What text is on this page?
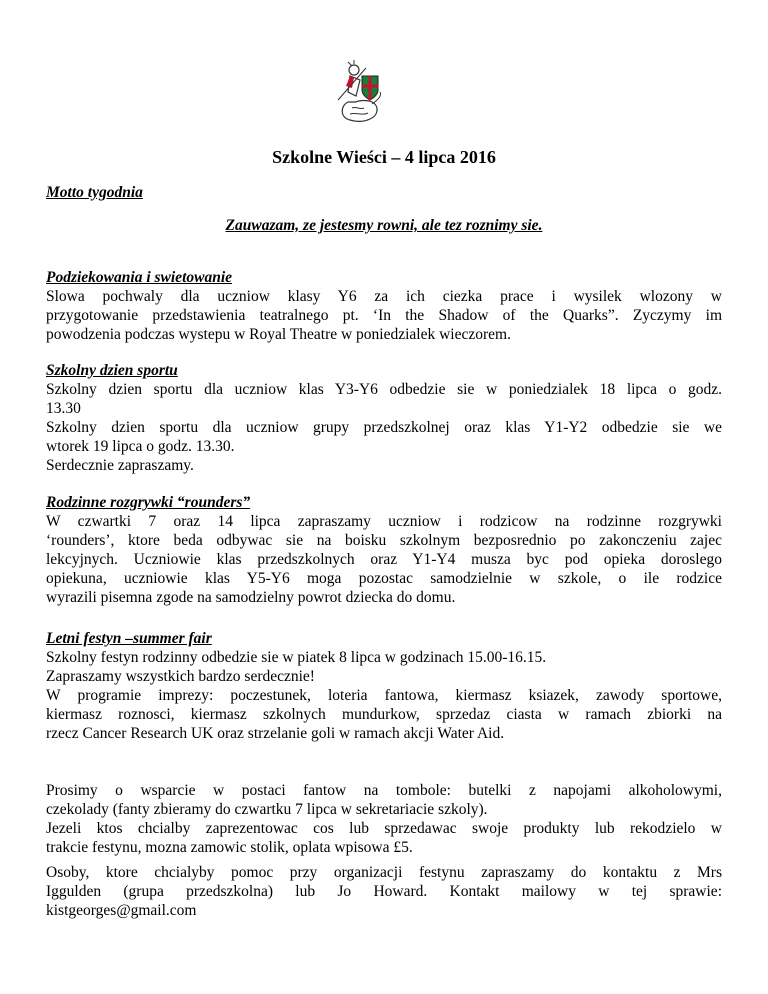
Szkolne Wieści – 4 lipca 2016

Motto tygodnia

Zauwazam, ze jestesmy rowni, ale tez roznimy sie.

Podziekowania i swietowanie

Slowa pochwaly dla uczniow klasy Y6 za ich ciezka prace i wysilek wlozony w
przygotowanie przedstawienia teatralnego pt. ‘In the Shadow of the Quarks”. Zyczymy im
powodzenia podczas wystepu w Royal Theatre w poniedzialek wieczorem.

Szkolny dzien sportu

Szkolny dzien sportu dla uczniow klas Y3-Y6 odbedzie sie w poniedzialek 18 lipca o godz.
13.30
Szkolny dzien sportu dla uczniow grupy przedszkolnej oraz klas Y1-Y2 odbedzie sie we
wtorek 19 lipca o godz. 13.30.
Serdecznie zapraszamy.

Rodzinne rozgrywki “rounders”

W czwartki 7 oraz 14 lipca zapraszamy uczniow i rodzicow na rodzinne rozgrywki
‘rounders’, ktore beda odbywac sie na boisku szkolnym bezposrednio po zakonczeniu zajec
lekcyjnych. Uczniowie klas przedszkolnych oraz Y1-Y4 musza byc pod opieka doroslego
opiekuna, uczniowie klas Y5-Y6 moga pozostac samodzielnie w szkole, o ile rodzice
wyrazili pisemna zgode na samodzielny powrot dziecka do domu.

Letni festyn –summer fair

Szkolny festyn rodzinny odbedzie sie w piatek 8 lipca w godzinach 15.00-16.15.
Zapraszamy wszystkich bardzo serdecznie!
W programie imprezy: poczestunek, loteria fantowa, kiermasz ksiazek, zawody sportowe,
kiermasz roznosci, kiermasz szkolnych mundurkow, sprzedaz ciasta w ramach zbiorki na
rzecz Cancer Research UK oraz strzelanie goli w ramach akcji Water Aid.

Prosimy o wsparcie w postaci fantow na tombole: butelki z napojami alkoholowymi,
czekolady (fanty zbieramy do czwartku 7 lipca w sekretariacie szkoly).
Jezeli ktos chcialby zaprezentowac cos lub sprzedawac swoje produkty lub rekodzielo w
trakcie festynu, mozna zamowic stolik, oplata wpisowa £5.

Osoby, ktore chcialyby pomoc przy organizacji festynu zapraszamy do kontaktu z Mrs
Iggulden (grupa przedszkolna) lub Jo Howard. Kontakt mailowy w tej sprawie:
kistgeorges@gmail.com
